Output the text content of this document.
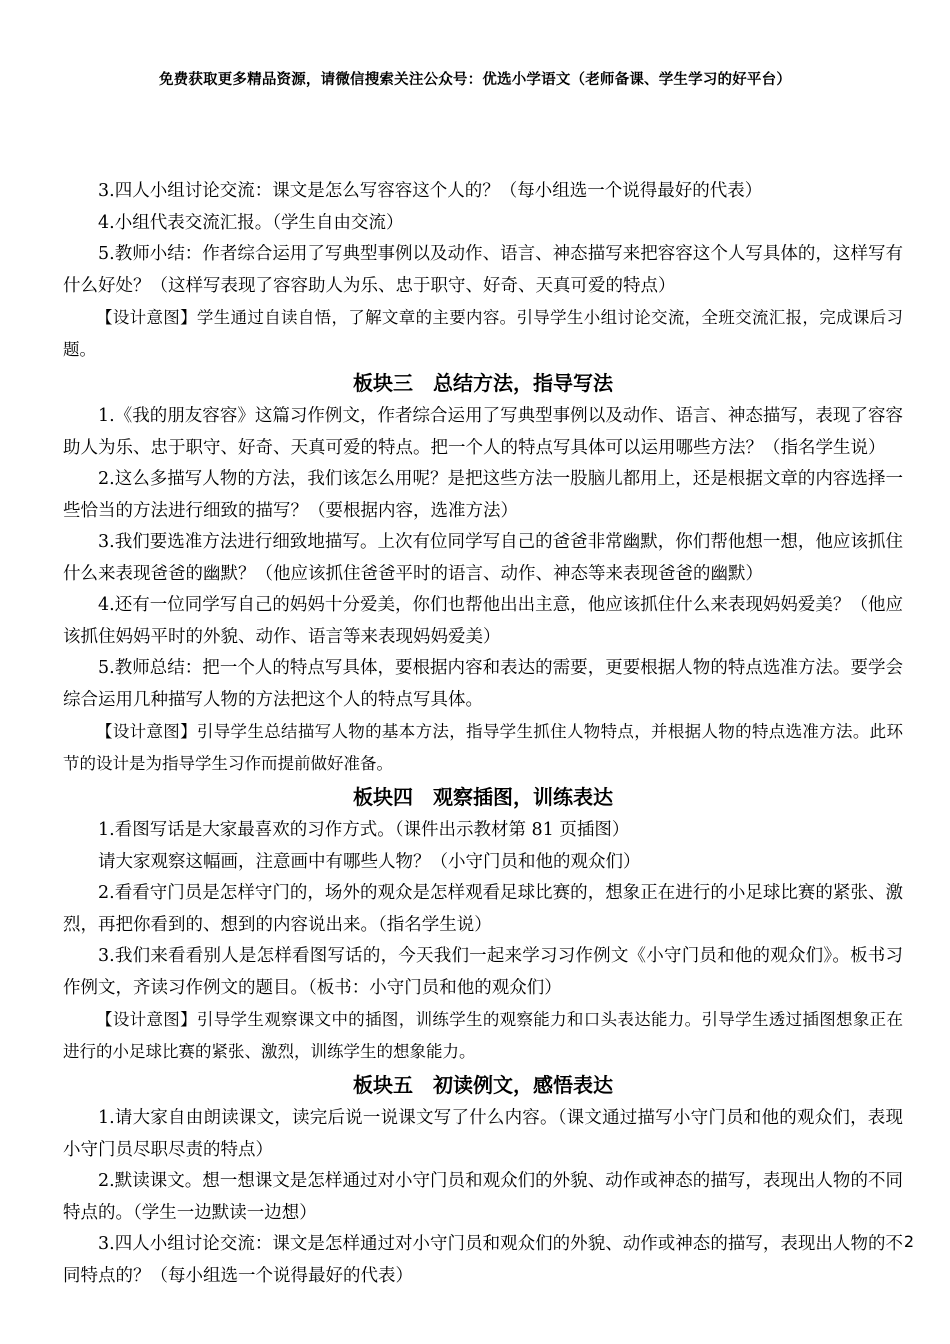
免费获取更多精品资源，请微信搜索关注公众号：优选小学语文（老师备课、学生学习的好平台）

3.四人小组讨论交流：课文是怎么写容容这个人的？（每小组选一个说得最好的代表）

4.小组代表交流汇报。（学生自由交流）

5.教师小结：作者综合运用了写典型事例以及动作、语言、神态描写来把容容这个人写具体的，这样写有什么好处？（这样写表现了容容助人为乐、忠于职守、好奇、天真可爱的特点）

【设计意图】学生通过自读自悟，了解文章的主要内容。引导学生小组讨论交流，全班交流汇报，完成课后习题。

板块三　总结方法，指导写法

1.《我的朋友容容》这篇习作例文，作者综合运用了写典型事例以及动作、语言、神态描写，表现了容容助人为乐、忠于职守、好奇、天真可爱的特点。把一个人的特点写具体可以运用哪些方法？（指名学生说）

2.这么多描写人物的方法，我们该怎么用呢？是把这些方法一股脑儿都用上，还是根据文章的内容选择一些恰当的方法进行细致的描写？（要根据内容，选准方法）

3.我们要选准方法进行细致地描写。上次有位同学写自己的爸爸非常幽默，你们帮他想一想，他应该抓住什么来表现爸爸的幽默？（他应该抓住爸爸平时的语言、动作、神态等来表现爸爸的幽默）

4.还有一位同学写自己的妈妈十分爱美，你们也帮他出出主意，他应该抓住什么来表现妈妈爱美？（他应该抓住妈妈平时的外貌、动作、语言等来表现妈妈爱美）

5.教师总结：把一个人的特点写具体，要根据内容和表达的需要，更要根据人物的特点选准方法。要学会综合运用几种描写人物的方法把这个人的特点写具体。

【设计意图】引导学生总结描写人物的基本方法，指导学生抓住人物特点，并根据人物的特点选准方法。此环节的设计是为指导学生习作而提前做好准备。

板块四　观察插图，训练表达

1.看图写话是大家最喜欢的习作方式。（课件出示教材第 81 页插图）

请大家观察这幅画，注意画中有哪些人物？（小守门员和他的观众们）

2.看看守门员是怎样守门的，场外的观众是怎样观看足球比赛的，想象正在进行的小足球比赛的紧张、激烈，再把你看到的、想到的内容说出来。（指名学生说）

3.我们来看看别人是怎样看图写话的，今天我们一起来学习习作例文《小守门员和他的观众们》。板书习作例文，齐读习作例文的题目。（板书：小守门员和他的观众们）

【设计意图】引导学生观察课文中的插图，训练学生的观察能力和口头表达能力。引导学生透过插图想象正在进行的小足球比赛的紧张、激烈，训练学生的想象能力。

板块五　初读例文，感悟表达

1.请大家自由朗读课文，读完后说一说课文写了什么内容。（课文通过描写小守门员和他的观众们，表现小守门员尽职尽责的特点）

2.默读课文。想一想课文是怎样通过对小守门员和观众们的外貌、动作或神态的描写，表现出人物的不同特点的。（学生一边默读一边想）

3.四人小组讨论交流：课文是怎样通过对小守门员和观众们的外貌、动作或神态的描写，表现出人物的不同特点的？（每小组选一个说得最好的代表）

2
